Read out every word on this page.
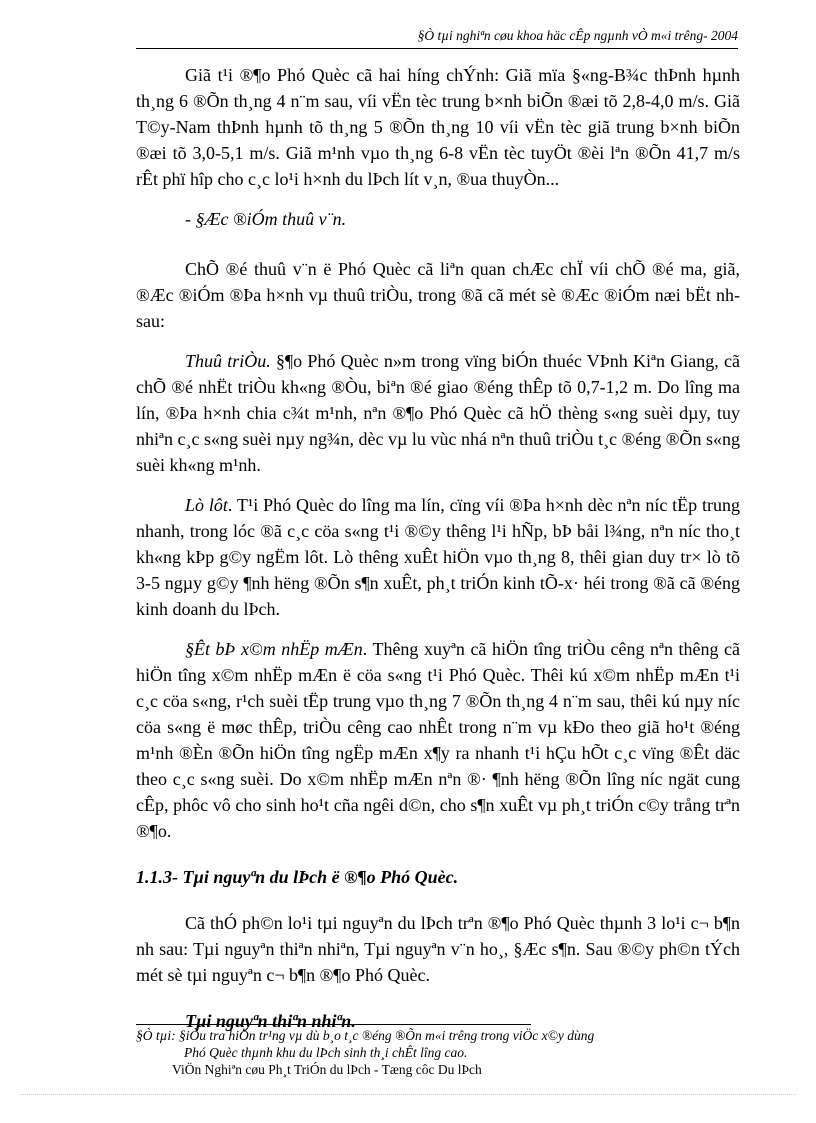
§Ò tµi nghiªn cøu khoa häc cÊp ngµnh vÒ m«i trêng- 2004

Giã t¹i ®¶o Phó Quèc cã hai híng chÝnh: Giã mïa §«ng-B¾c thÞnh hµnh th¸ng 6 ®Õn th¸ng 4 n¨m sau, víi vËn tèc trung b×nh biÕn ®æi tõ 2,8-4,0 m/s. Giã T©y-Nam thÞnh hµnh tõ th¸ng 5 ®Õn th¸ng 10 víi vËn tèc giã trung b×nh biÕn ®æi tõ 3,0-5,1 m/s. Giã m¹nh vµo th¸ng 6-8 vËn tèc tuyÖt ®èi lªn ®Õn 41,7 m/s rÊt phï hîp cho c¸c lo¹i h×nh du lÞch lít v¸n, ®ua thuyÒn...

- §Æc ®iÓm thuû v¨n.

ChÕ ®é thuû v¨n ë Phó Quèc cã liªn quan chÆc chÏ víi chÕ ®é ma, giã, ®Æc ®iÓm ®Þa h×nh vµ thuû triÒu, trong ®ã cã mét sè ®Æc ®iÓm næi bËt nh sau:

Thuû triÒu. §¶o Phó Quèc n»m trong vïng biÓn thuéc VÞnh Kiªn Giang, cã chÕ ®é nhËt triÒu kh«ng ®Òu, biªn ®é giao ®éng thÊp tõ 0,7-1,2 m. Do lîng ma lín, ®Þa h×nh chia c¾t m¹nh, nªn ®¶o Phó Quèc cã hÖ thèng s«ng suèi dµy, tuy nhiªn c¸c s«ng suèi nµy ng¾n, dèc vµ lu vùc nhá nªn thuû triÒu t¸c ®éng ®Õn s«ng suèi kh«ng m¹nh.

Lò lôt. T¹i Phó Quèc do lîng ma lín, cïng víi ®Þa h×nh dèc nªn níc tËp trung nhanh, trong lóc ®ã c¸c cöa s«ng t¹i ®©y thêng l¹i hÑp, bÞ båi l¾ng, nªn níc tho¸t kh«ng kÞp g©y ngËm lôt. Lò thêng xuÊt hiÖn vµo th¸ng 8, thêi gian duy tr× lò tõ 3-5 ngµy g©y ¶nh hëng ®Õn s¶n xuÊt, ph¸t triÓn kinh tÕ-x· héi trong ®ã cã ®éng kinh doanh du lÞch.

§Êt bÞ x©m nhËp mÆn. Thêng xuyªn cã hiÖn tîng triÒu cêng nªn thêng cã hiÖn tîng x©m nhËp mÆn ë cöa s«ng t¹i Phó Quèc. Thêi kú x©m nhËp mÆn t¹i c¸c cöa s«ng, r¹ch suèi tËp trung vµo th¸ng 7 ®Õn th¸ng 4 n¨m sau, thêi kú nµy níc cöa s«ng ë møc thÊp, triÒu cêng cao nhÊt trong n¨m vµ kÐo theo giã ho¹t ®éng m¹nh ®Èn ®Õn hiÖn tîng ngËp mÆn x¶y ra nhanh t¹i hÇu hÕt c¸c vïng ®Êt däc theo c¸c s«ng suèi. Do x©m nhËp mÆn nªn ®· ¶nh hëng ®Õn lîng níc ngät cung cÊp, phôc vô cho sinh ho¹t cña ngêi d©n, cho s¶n xuÊt vµ ph¸t triÓn c©y trång trªn ®¶o.

1.1.3- Tµi nguyªn du lÞch ë ®¶o Phó Quèc.

Cã thÓ ph©n lo¹i tµi nguyªn du lÞch trªn ®¶o Phó Quèc thµnh 3 lo¹i c¬ b¶n nh sau: Tµi nguyªn thiªn nhiªn, Tµi nguyªn v¨n ho¸, §Æc s¶n. Sau ®©y ph©n tÝch mét sè tµi nguyªn c¬ b¶n ®¶o Phó Quèc.

Tµi nguyªn thiªn nhiªn.
§Ò tµi: §iÒu tra hiÖn tr¹ng vµ dù b¸o t¸c ®éng ®Õn m«i trêng trong viÖc x©y dùng
Phó Quèc thµnh khu du lÞch sinh th¸i chÊt lîng cao.
ViÖn Nghiªn cøu Ph¸t TriÓn du lÞch - Tæng côc Du lÞch
